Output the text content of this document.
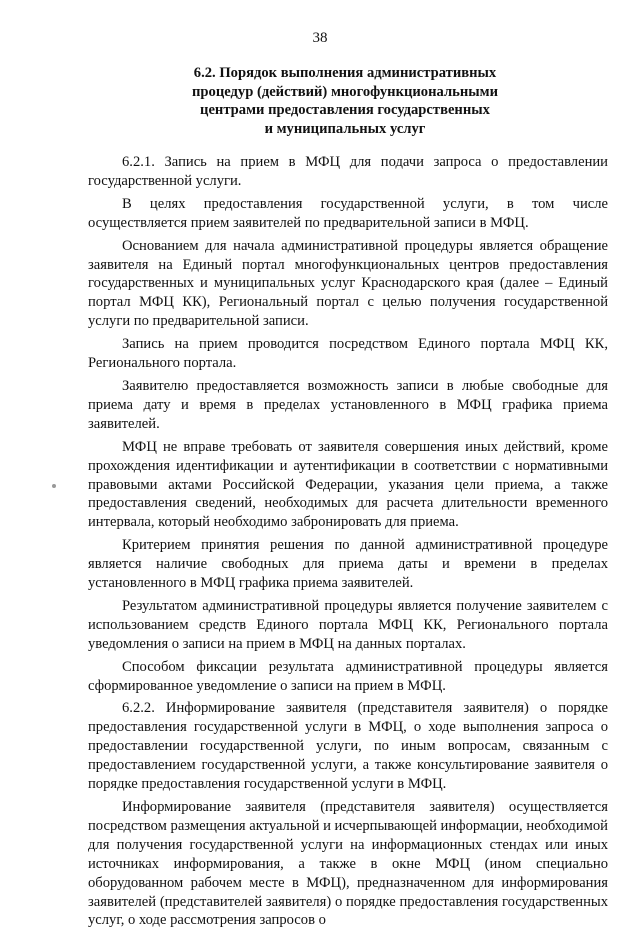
38
6.2. Порядок выполнения административных
процедур (действий) многофункциональными
центрами предоставления государственных
и муниципальных услуг

6.2.1. Запись на прием в МФЦ для подачи запроса о предоставлении государственной услуги.

В целях предоставления государственной услуги, в том числе осуществляется прием заявителей по предварительной записи в МФЦ.

Основанием для начала административной процедуры является обращение заявителя на Единый портал многофункциональных центров предоставления государственных и муниципальных услуг Краснодарского края (далее – Единый портал МФЦ КК), Региональный портал с целью получения государственной услуги по предварительной записи.

Запись на прием проводится посредством Единого портала МФЦ КК, Регионального портала.

Заявителю предоставляется возможность записи в любые свободные для приема дату и время в пределах установленного в МФЦ графика приема заявителей.

МФЦ не вправе требовать от заявителя совершения иных действий, кроме прохождения идентификации и аутентификации в соответствии с нормативными правовыми актами Российской Федерации, указания цели приема, а также предоставления сведений, необходимых для расчета длительности временного интервала, который необходимо забронировать для приема.

Критерием принятия решения по данной административной процедуре является наличие свободных для приема даты и времени в пределах установленного в МФЦ графика приема заявителей.

Результатом административной процедуры является получение заявителем с использованием средств Единого портала МФЦ КК, Регионального портала уведомления о записи на прием в МФЦ на данных порталах.

Способом фиксации результата административной процедуры является сформированное уведомление о записи на прием в МФЦ.

6.2.2. Информирование заявителя (представителя заявителя) о порядке предоставления государственной услуги в МФЦ, о ходе выполнения запроса о предоставлении государственной услуги, по иным вопросам, связанным с предоставлением государственной услуги, а также консультирование заявителя о порядке предоставления государственной услуги в МФЦ.

Информирование заявителя (представителя заявителя) осуществляется посредством размещения актуальной и исчерпывающей информации, необходимой для получения государственной услуги на информационных стендах или иных источниках информирования, а также в окне МФЦ (ином специально оборудованном рабочем месте в МФЦ), предназначенном для информирования заявителей (представителей заявителя) о порядке предоставления государственных услуг, о ходе рассмотрения запросов о
